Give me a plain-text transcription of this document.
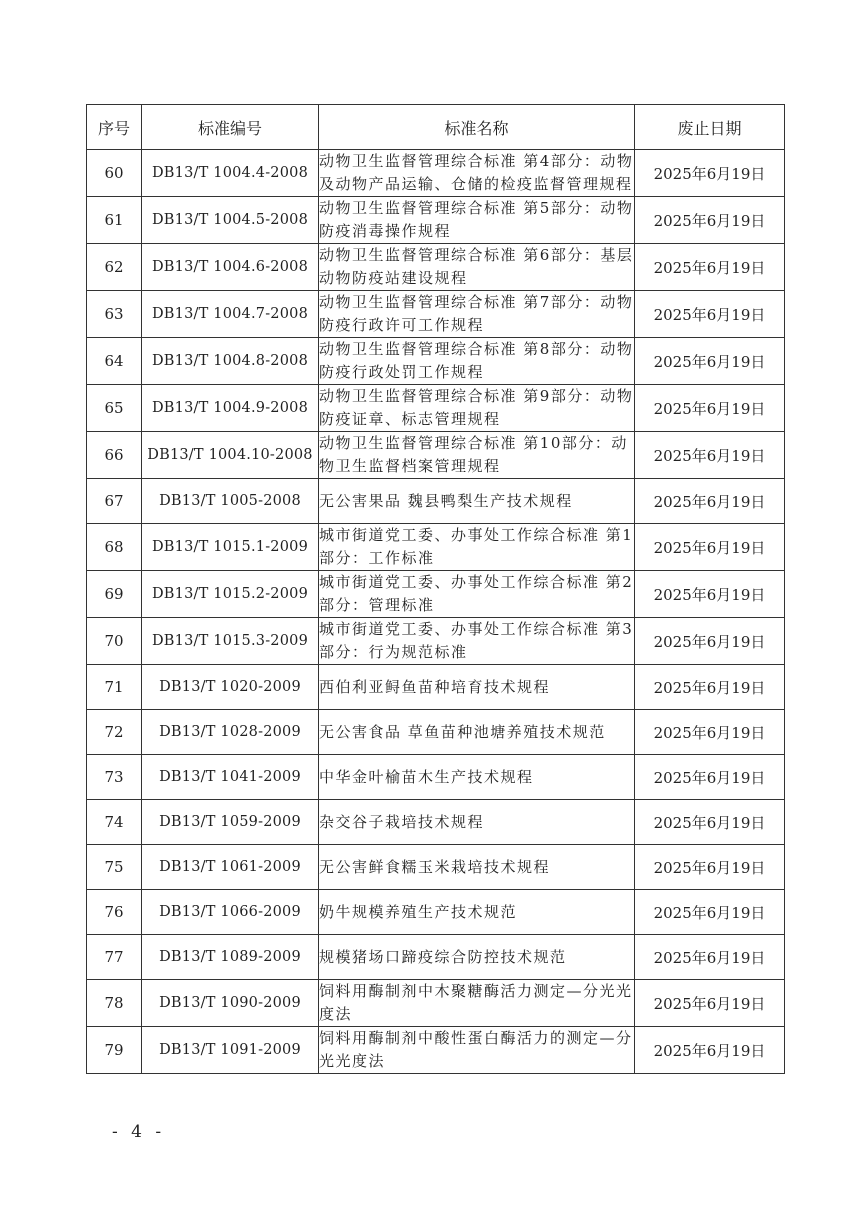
序号	标准编号	标准名称	废止日期
60	DB13/T 1004.4-2008	动物卫生监督管理综合标准 第4部分：动物及动物产品运输、仓储的检疫监督管理规程	2025年6月19日
61	DB13/T 1004.5-2008	动物卫生监督管理综合标准 第5部分：动物防疫消毒操作规程	2025年6月19日
62	DB13/T 1004.6-2008	动物卫生监督管理综合标准 第6部分：基层动物防疫站建设规程	2025年6月19日
63	DB13/T 1004.7-2008	动物卫生监督管理综合标准 第7部分：动物防疫行政许可工作规程	2025年6月19日
64	DB13/T 1004.8-2008	动物卫生监督管理综合标准 第8部分：动物防疫行政处罚工作规程	2025年6月19日
65	DB13/T 1004.9-2008	动物卫生监督管理综合标准 第9部分：动物防疫证章、标志管理规程	2025年6月19日
66	DB13/T 1004.10-2008	动物卫生监督管理综合标准 第10部分：动物卫生监督档案管理规程	2025年6月19日
67	DB13/T 1005-2008	无公害果品 魏县鸭梨生产技术规程	2025年6月19日
68	DB13/T 1015.1-2009	城市街道党工委、办事处工作综合标准 第1部分：工作标准	2025年6月19日
69	DB13/T 1015.2-2009	城市街道党工委、办事处工作综合标准 第2部分：管理标准	2025年6月19日
70	DB13/T 1015.3-2009	城市街道党工委、办事处工作综合标准 第3部分：行为规范标准	2025年6月19日
71	DB13/T 1020-2009	西伯利亚鲟鱼苗种培育技术规程	2025年6月19日
72	DB13/T 1028-2009	无公害食品 草鱼苗种池塘养殖技术规范	2025年6月19日
73	DB13/T 1041-2009	中华金叶榆苗木生产技术规程	2025年6月19日
74	DB13/T 1059-2009	杂交谷子栽培技术规程	2025年6月19日
75	DB13/T 1061-2009	无公害鲜食糯玉米栽培技术规程	2025年6月19日
76	DB13/T 1066-2009	奶牛规模养殖生产技术规范	2025年6月19日
77	DB13/T 1089-2009	规模猪场口蹄疫综合防控技术规范	2025年6月19日
78	DB13/T 1090-2009	饲料用酶制剂中木聚糖酶活力测定—分光光度法	2025年6月19日
79	DB13/T 1091-2009	饲料用酶制剂中酸性蛋白酶活力的测定—分光光度法	2025年6月19日
- 4 -
